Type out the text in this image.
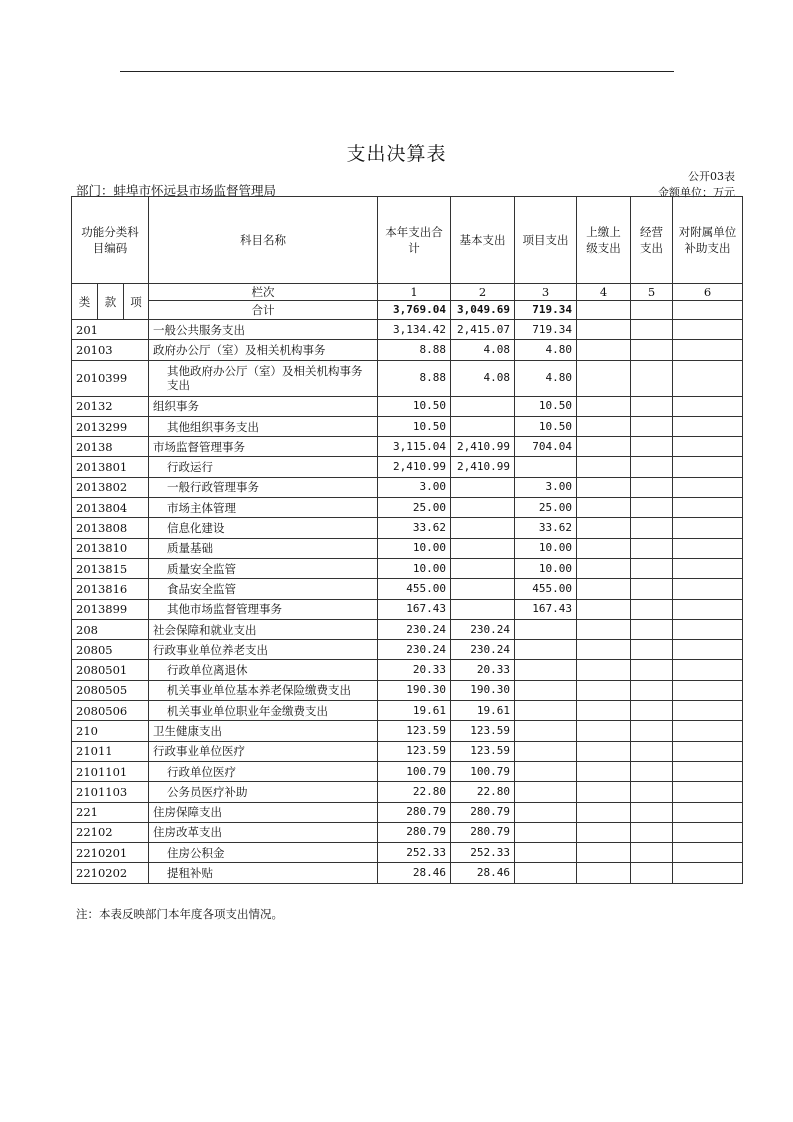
支出决算表
公开03表
部门：蚌埠市怀远县市场监督管理局	金额单位：万元
功能分类科目编码			科目名称	本年支出合计	基本支出	项目支出	上缴上级支出	经营支出	对附属单位补助支出
类	款	项	栏次	1	2	3	4	5	6
			合计	3,769.04	3,049.69	719.34			
201			一般公共服务支出	3,134.42	2,415.07	719.34			
20103			政府办公厅（室）及相关机构事务	8.88	4.08	4.80			
2010399			其他政府办公厅（室）及相关机构事务支出	8.88	4.08	4.80			
20132			组织事务	10.50		10.50			
2013299			其他组织事务支出	10.50		10.50			
20138			市场监督管理事务	3,115.04	2,410.99	704.04			
2013801			行政运行	2,410.99	2,410.99				
2013802			一般行政管理事务	3.00		3.00			
2013804			市场主体管理	25.00		25.00			
2013808			信息化建设	33.62		33.62			
2013810			质量基础	10.00		10.00			
2013815			质量安全监管	10.00		10.00			
2013816			食品安全监管	455.00		455.00			
2013899			其他市场监督管理事务	167.43		167.43			
208			社会保障和就业支出	230.24	230.24				
20805			行政事业单位养老支出	230.24	230.24				
2080501			行政单位离退休	20.33	20.33				
2080505			机关事业单位基本养老保险缴费支出	190.30	190.30				
2080506			机关事业单位职业年金缴费支出	19.61	19.61				
210			卫生健康支出	123.59	123.59				
21011			行政事业单位医疗	123.59	123.59				
2101101			行政单位医疗	100.79	100.79				
2101103			公务员医疗补助	22.80	22.80				
221			住房保障支出	280.79	280.79				
22102			住房改革支出	280.79	280.79				
2210201			住房公积金	252.33	252.33				
2210202			提租补贴	28.46	28.46				
注：本表反映部门本年度各项支出情况。
